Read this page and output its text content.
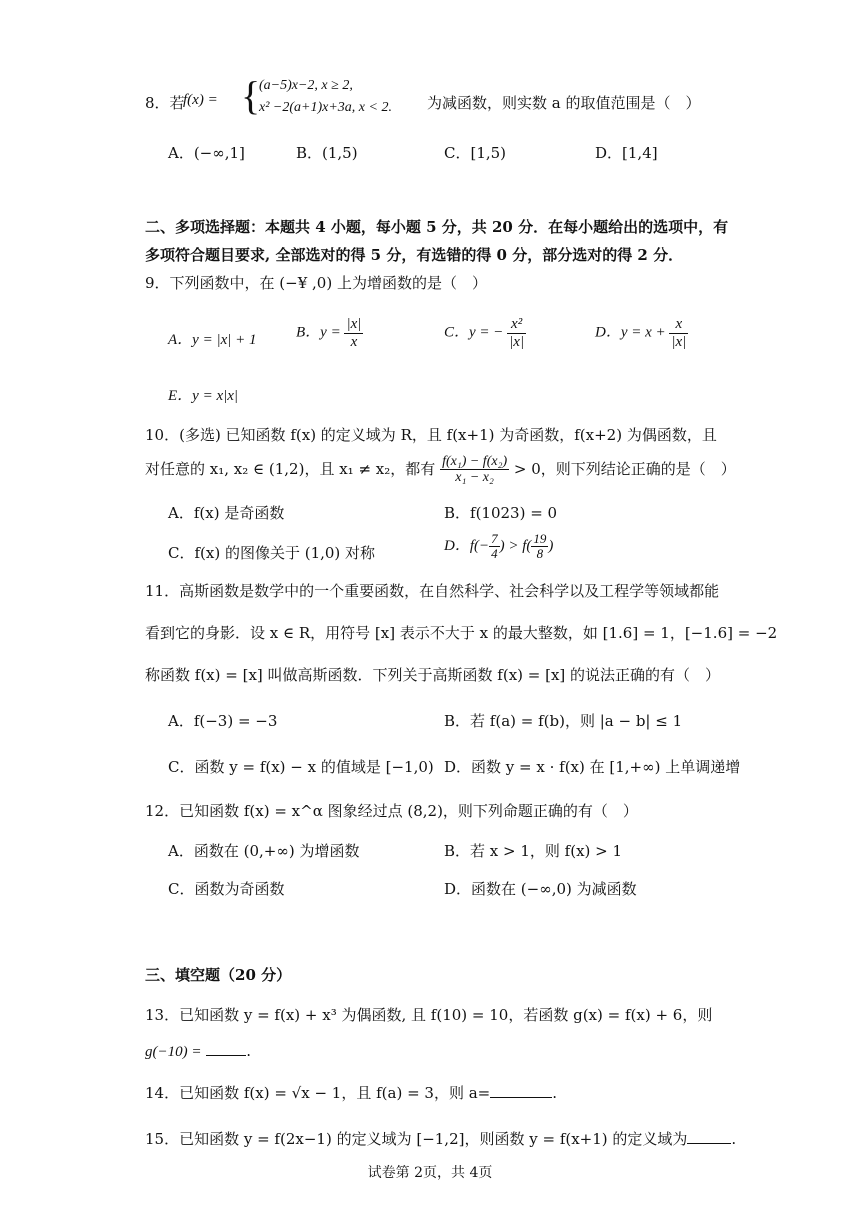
8．若
f(x) = {
(a−5)x−2, x ≥ 2,
x² −2(a+1)x+3a, x < 2. 为减函数，则实数 a 的取值范围是（　）
A．(−∞,1]	B．(1,5)	C．[1,5)	D．[1,4]
二、多项选择题：本题共 4 小题，每小题 5 分，共 20 分．在每小题给出的选项中，有
多项符合题目要求, 全部选对的得 5 分，有选错的得 0 分，部分选对的得 2 分．
9．下列函数中，在 (−¥ ,0) 上为增函数的是（　）
A．y = |x| + 1	B．$y = \frac{|x|}{x}$	C．y = − $\frac{\text{x²}}{|x|}$	D．$y = x + \frac{x}{|x|}$
E．y = x|x|
10．(多选) 已知函数 f(x) 的定义域为 R，且 f(x+1) 为奇函数，f(x+2) 为偶函数，且
对任意的 x₁, x₂ ∈ (1,2)，且 x₁ ≠ x₂，都有 $\frac{\text{f(x₁) − f(x₂)}}{\text{x₁ − x₂}} > 0$，则下列结论正确的是（　）
A．f(x) 是奇函数	B．f(1023) = 0
C．f(x) 的图像关于 (1,0) 对称	D．$f(- \frac{7}{4}$ ) > $f( \frac{19}{8}$ )
11．高斯函数是数学中的一个重要函数，在自然科学、社会科学以及工程学等领域都能
看到它的身影．设 x ∈ R，用符号 [x] 表示不大于 x 的最大整数，如 [1.6] = 1，[−1.6] = −2
称函数 f(x) = [x] 叫做高斯函数．下列关于高斯函数 f(x) = [x] 的说法正确的有（　）
A．f(−3) = −3	B．若 f(a) = f(b)，则 |a − b| ≤ 1
C．函数 y = f(x) − x 的值域是 [−1,0) D．函数 y = x · f(x) 在 [1,+∞) 上单调递增
12．已知函数 f(x) = x^α 图象经过点 (8,2)，则下列命题正确的有（　）
A．函数在 (0,+∞) 为增函数	B．若 x > 1，则 f(x) > 1
C．函数为奇函数	D．函数在 (−∞,0) 为减函数
三、填空题（20 分）
13．已知函数 y = f(x) + x³ 为偶函数, 且 f(10) = 10，若函数 g(x) = f(x) + 6，则
g(−10) =	.
14．已知函数 f(x) = √x − 1，且 f(a) = 3，则 a=	.
15．已知函数 y = f(2x−1) 的定义域为 [−1,2]，则函数 y = f(x+1) 的定义域为	.
试卷第 2页，共 4页
